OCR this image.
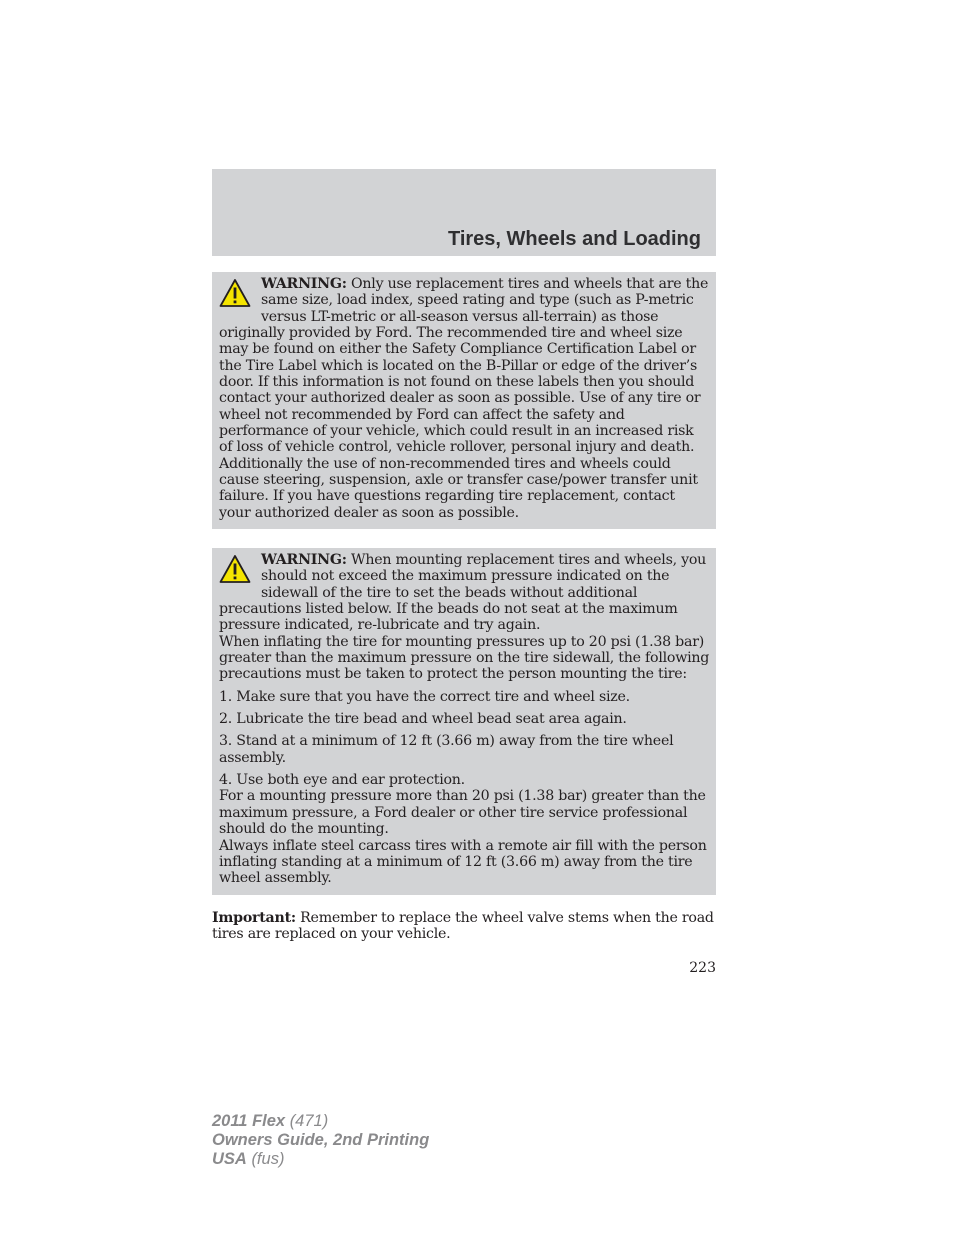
Tires, Wheels and Loading

WARNING: Only use replacement tires and wheels that are the same size, load index, speed rating and type (such as P-metric versus LT-metric or all-season versus all-terrain) as those originally provided by Ford. The recommended tire and wheel size may be found on either the Safety Compliance Certification Label or the Tire Label which is located on the B-Pillar or edge of the driver’s door. If this information is not found on these labels then you should contact your authorized dealer as soon as possible. Use of any tire or wheel not recommended by Ford can affect the safety and performance of your vehicle, which could result in an increased risk of loss of vehicle control, vehicle rollover, personal injury and death. Additionally the use of non-recommended tires and wheels could cause steering, suspension, axle or transfer case/power transfer unit failure. If you have questions regarding tire replacement, contact your authorized dealer as soon as possible.

WARNING: When mounting replacement tires and wheels, you should not exceed the maximum pressure indicated on the sidewall of the tire to set the beads without additional precautions listed below. If the beads do not seat at the maximum pressure indicated, re-lubricate and try again.

When inflating the tire for mounting pressures up to 20 psi (1.38 bar) greater than the maximum pressure on the tire sidewall, the following precautions must be taken to protect the person mounting the tire:

1. Make sure that you have the correct tire and wheel size.

2. Lubricate the tire bead and wheel bead seat area again.

3. Stand at a minimum of 12 ft (3.66 m) away from the tire wheel assembly.

4. Use both eye and ear protection.

For a mounting pressure more than 20 psi (1.38 bar) greater than the maximum pressure, a Ford dealer or other tire service professional should do the mounting.

Always inflate steel carcass tires with a remote air fill with the person inflating standing at a minimum of 12 ft (3.66 m) away from the tire wheel assembly.

Important: Remember to replace the wheel valve stems when the road tires are replaced on your vehicle.

223
2011 Flex (471)
Owners Guide, 2nd Printing
USA (fus)
